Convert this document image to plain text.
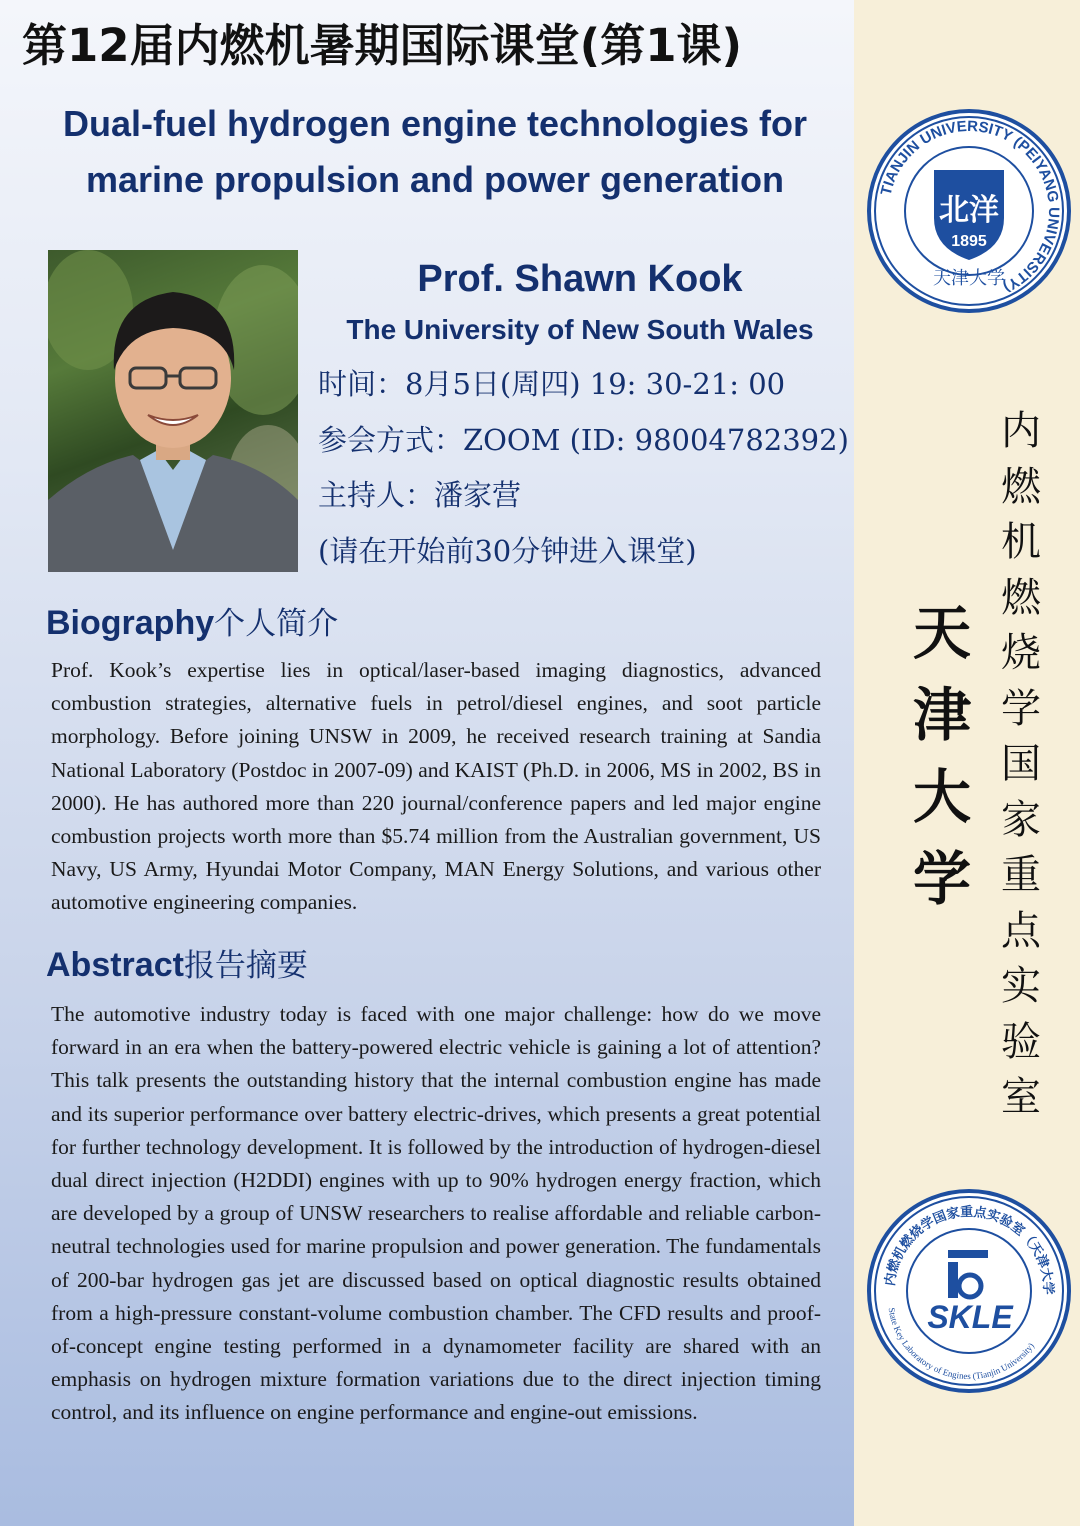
第12届内燃机暑期国际课堂(第1课)
Dual-fuel hydrogen engine technologies for marine propulsion and power generation
Prof. Shawn Kook
The University of New South Wales
时间：8月5日(周四) 19: 30-21: 00
参会方式：ZOOM (ID: 98004782392)
主持人：潘家营
(请在开始前30分钟进入课堂)
Biography个人简介
Prof. Kook’s expertise lies in optical/laser-based imaging diagnostics, advanced combustion strategies, alternative fuels in petrol/diesel engines, and soot particle morphology. Before joining UNSW in 2009, he received research training at Sandia National Laboratory (Postdoc in 2007-09) and KAIST (Ph.D. in 2006, MS in 2002, BS in 2000). He has authored more than 220 journal/conference papers and led major engine combustion projects worth more than $5.74 million from the Australian government, US Navy, US Army, Hyundai Motor Company, MAN Energy Solutions, and various other automotive engineering companies.
Abstract报告摘要
The automotive industry today is faced with one major challenge: how do we move forward in an era when the battery-powered electric vehicle is gaining a lot of attention? This talk presents the outstanding history that the internal combustion engine has made and its superior performance over battery electric-drives, which presents a great potential for further technology development. It is followed by the introduction of hydrogen-diesel dual direct injection (H2DDI) engines with up to 90% hydrogen energy fraction, which are developed by a group of UNSW researchers to realise affordable and reliable carbon-neutral technologies used for marine propulsion and power generation. The fundamentals of 200-bar hydrogen gas jet are discussed based on optical diagnostic results obtained from a high-pressure constant-volume combustion chamber. The CFD results and proof-of-concept engine testing performed in a dynamometer facility are shared with an emphasis on hydrogen mixture formation variations due to the direct injection timing control, and its influence on engine performance and engine-out emissions.
TIANJIN UNIVERSITY (PEIYANG UNIVERSITY)
北洋
1895
天津大学
天
津
大
学
内
燃
机
燃
烧
学
国
家
重
点
实
验
室
内燃机燃烧学国家重点实验室（天津大学
State Key Laboratory of Engines (Tianjin University)
SKLE
